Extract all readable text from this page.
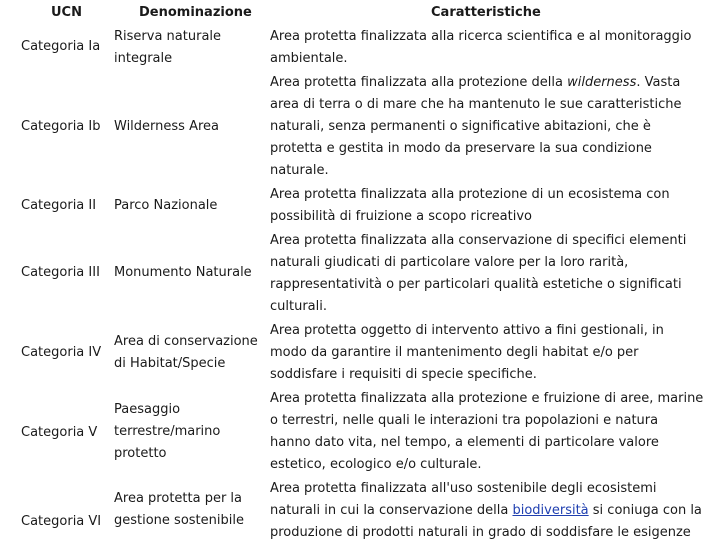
UCN	Denominazione	Caratteristiche
Categoria Ia
Riserva naturale
integrale
Area protetta finalizzata alla ricerca scientifica e al monitoraggio
ambientale.
Categoria Ib Wilderness Area
Area protetta finalizzata alla protezione della wilderness. Vasta
area di terra o di mare che ha mantenuto le sue caratteristiche
naturali, senza permanenti o significative abitazioni, che è
protetta e gestita in modo da preservare la sua condizione
naturale.
Categoria II Parco Nazionale
Area protetta finalizzata alla protezione di un ecosistema con
possibilità di fruizione a scopo ricreativo
Categoria III Monumento Naturale
Area protetta finalizzata alla conservazione di specifici elementi
naturali giudicati di particolare valore per la loro rarità,
rappresentatività o per particolari qualità estetiche o significati
culturali.
Categoria IV
Area di conservazione
di Habitat/Specie
Area protetta oggetto di intervento attivo a fini gestionali, in
modo da garantire il mantenimento degli habitat e/o per
soddisfare i requisiti di specie specifiche.
Categoria V
Paesaggio
terrestre/marino
protetto
Area protetta finalizzata alla protezione e fruizione di aree, marine
o terrestri, nelle quali le interazioni tra popolazioni e natura
hanno dato vita, nel tempo, a elementi di particolare valore
estetico, ecologico e/o culturale.
Categoria VI
Area protetta per la
gestione sostenibile
Area protetta finalizzata all'uso sostenibile degli ecosistemi
naturali in cui la conservazione della biodiversità si coniuga con la
produzione di prodotti naturali in grado di soddisfare le esigenze
